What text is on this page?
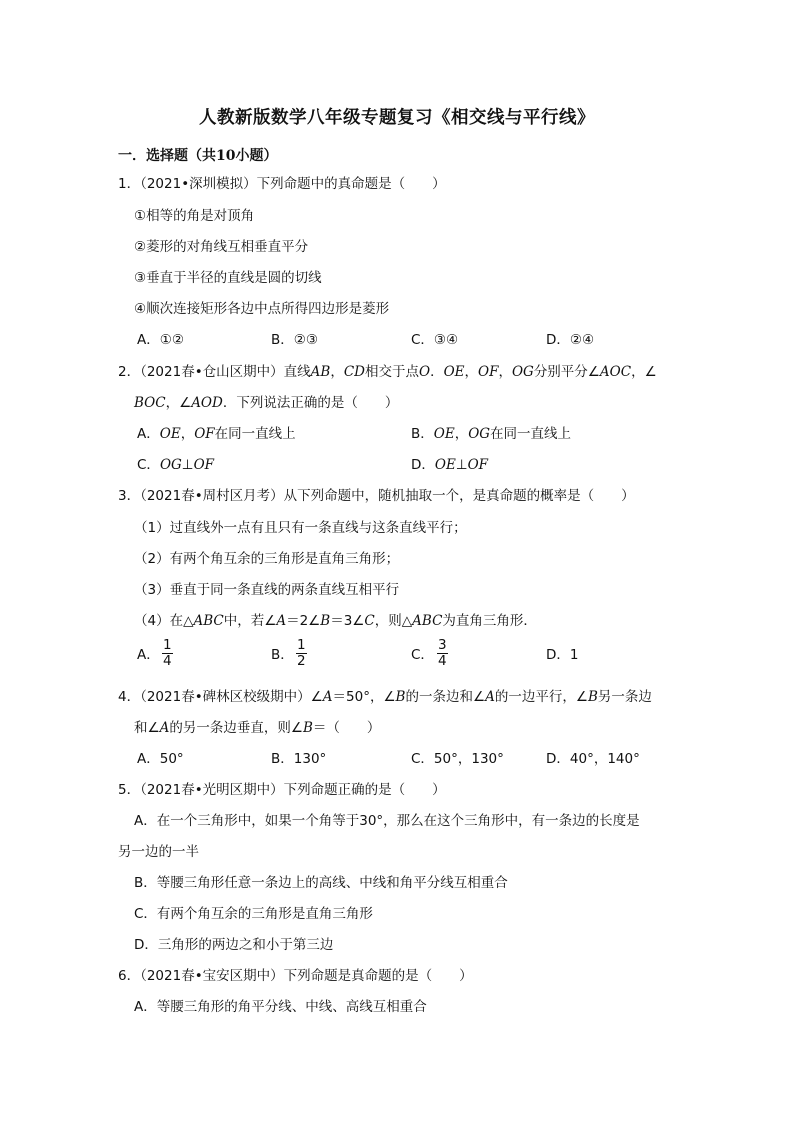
人教新版数学八年级专题复习《相交线与平行线》
一．选择题（共10小题）
1．（2021•深圳模拟）下列命题中的真命题是（　　）
①相等的角是对顶角
②菱形的对角线互相垂直平分
③垂直于半径的直线是圆的切线
④顺次连接矩形各边中点所得四边形是菱形
A．①②	B．②③	C．③④	D．②④
2．（2021春•仓山区期中）直线AB，CD相交于点O．OE，OF，OG分别平分∠AOC，∠
BOC，∠AOD．下列说法正确的是（　　）
A．OE，OF在同一直线上	B．OE，OG在同一直线上
C．OG⊥OF	D．OE⊥OF
3．（2021春•周村区月考）从下列命题中，随机抽取一个，是真命题的概率是（　　）
（1）过直线外一点有且只有一条直线与这条直线平行；
（2）有两个角互余的三角形是直角三角形；
（3）垂直于同一条直线的两条直线互相平行
（4）在△ABC中，若∠A＝2∠B＝3∠C，则△ABC为直角三角形．
A． $\frac{1}{4}$	B． $\frac{1}{2}$	C． $\frac{3}{4}$	D．1
4．（2021春•碑林区校级期中）∠A＝50°，∠B的一条边和∠A的一边平行，∠B另一条边
和∠A的另一条边垂直，则∠B＝（　　）
A．50°	B．130°	C．50°，130°	D．40°，140°
5．（2021春•光明区期中）下列命题正确的是（　　）
A．在一个三角形中，如果一个角等于30°，那么在这个三角形中，有一条边的长度是
另一边的一半
B．等腰三角形任意一条边上的高线、中线和角平分线互相重合
C．有两个角互余的三角形是直角三角形
D．三角形的两边之和小于第三边
6．（2021春•宝安区期中）下列命题是真命题的是（　　）
A．等腰三角形的角平分线、中线、高线互相重合
